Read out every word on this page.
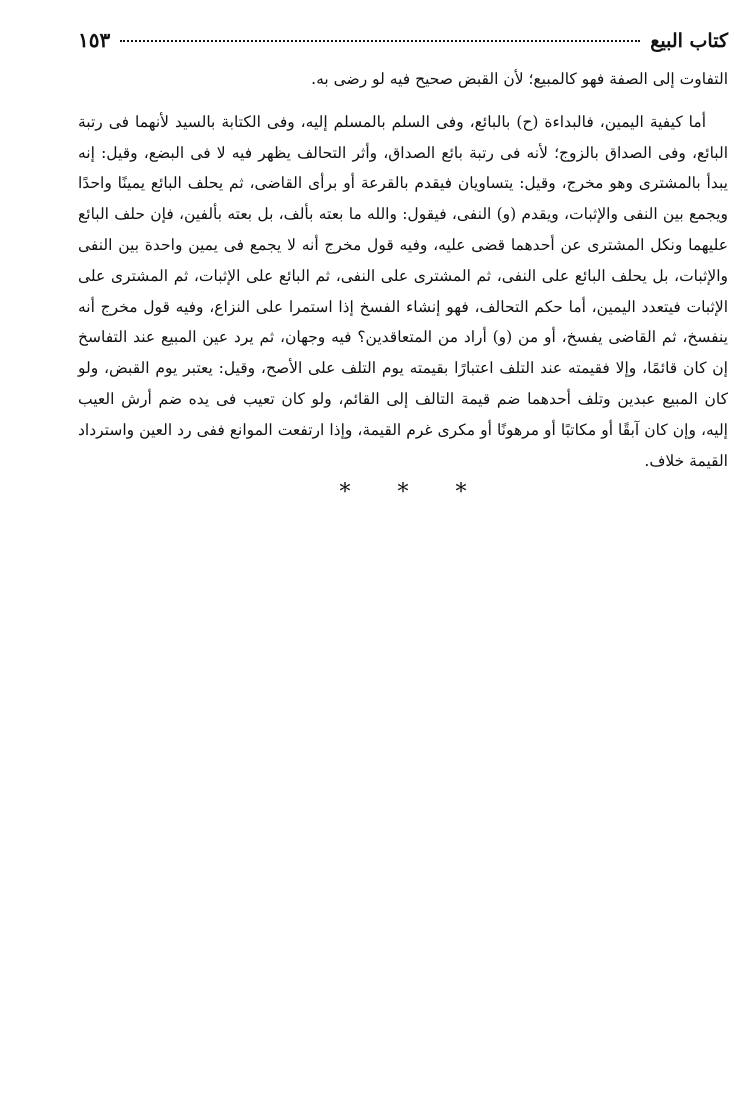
كتاب البيع
١٥٣

التفاوت إلى الصفة فهو كالمبيع؛ لأن القبض صحيح فيه لو رضى به.

أما كيفية اليمين، فالبداءة (ح) بالبائع، وفى السلم بالمسلم إليه، وفى الكتابة بالسيد لأنهما فى رتبة البائع، وفى الصداق بالزوج؛ لأنه فى رتبة بائع الصداق، وأثر التحالف يظهر فيه لا فى البضع، وقيل: إنه يبدأ بالمشترى وهو مخرج، وقيل: يتساويان فيقدم بالقرعة أو برأى القاضى، ثم يحلف البائع يمينًا واحدًا ويجمع بين النفى والإثبات، ويقدم (و) النفى، فيقول: والله ما بعته بألف، بل بعته بألفين، فإن حلف البائع عليهما ونكل المشترى عن أحدهما قضى عليه، وفيه قول مخرج أنه لا يجمع فى يمين واحدة بين النفى والإثبات، بل يحلف البائع على النفى، ثم المشترى على النفى، ثم البائع على الإثبات، ثم المشترى على الإثبات فيتعدد اليمين، أما حكم التحالف، فهو إنشاء الفسخ إذا استمرا على النزاع، وفيه قول مخرج أنه ينفسخ، ثم القاضى يفسخ، أو من (و) أراد من المتعاقدين؟ فيه وجهان، ثم يرد عين المبيع عند التفاسخ إن كان قائمًا، وإلا فقيمته عند التلف اعتبارًا بقيمته يوم التلف على الأصح، وقيل: يعتبر يوم القبض، ولو كان المبيع عبدين وتلف أحدهما ضم قيمة التالف إلى القائم، ولو كان تعيب فى يده ضم أرش العيب إليه، وإن كان آبقًا أو مكاتبًا أو مرهونًا أو مكرى غرم القيمة، وإذا ارتفعت الموانع ففى رد العين واسترداد القيمة خلاف.

* * *
